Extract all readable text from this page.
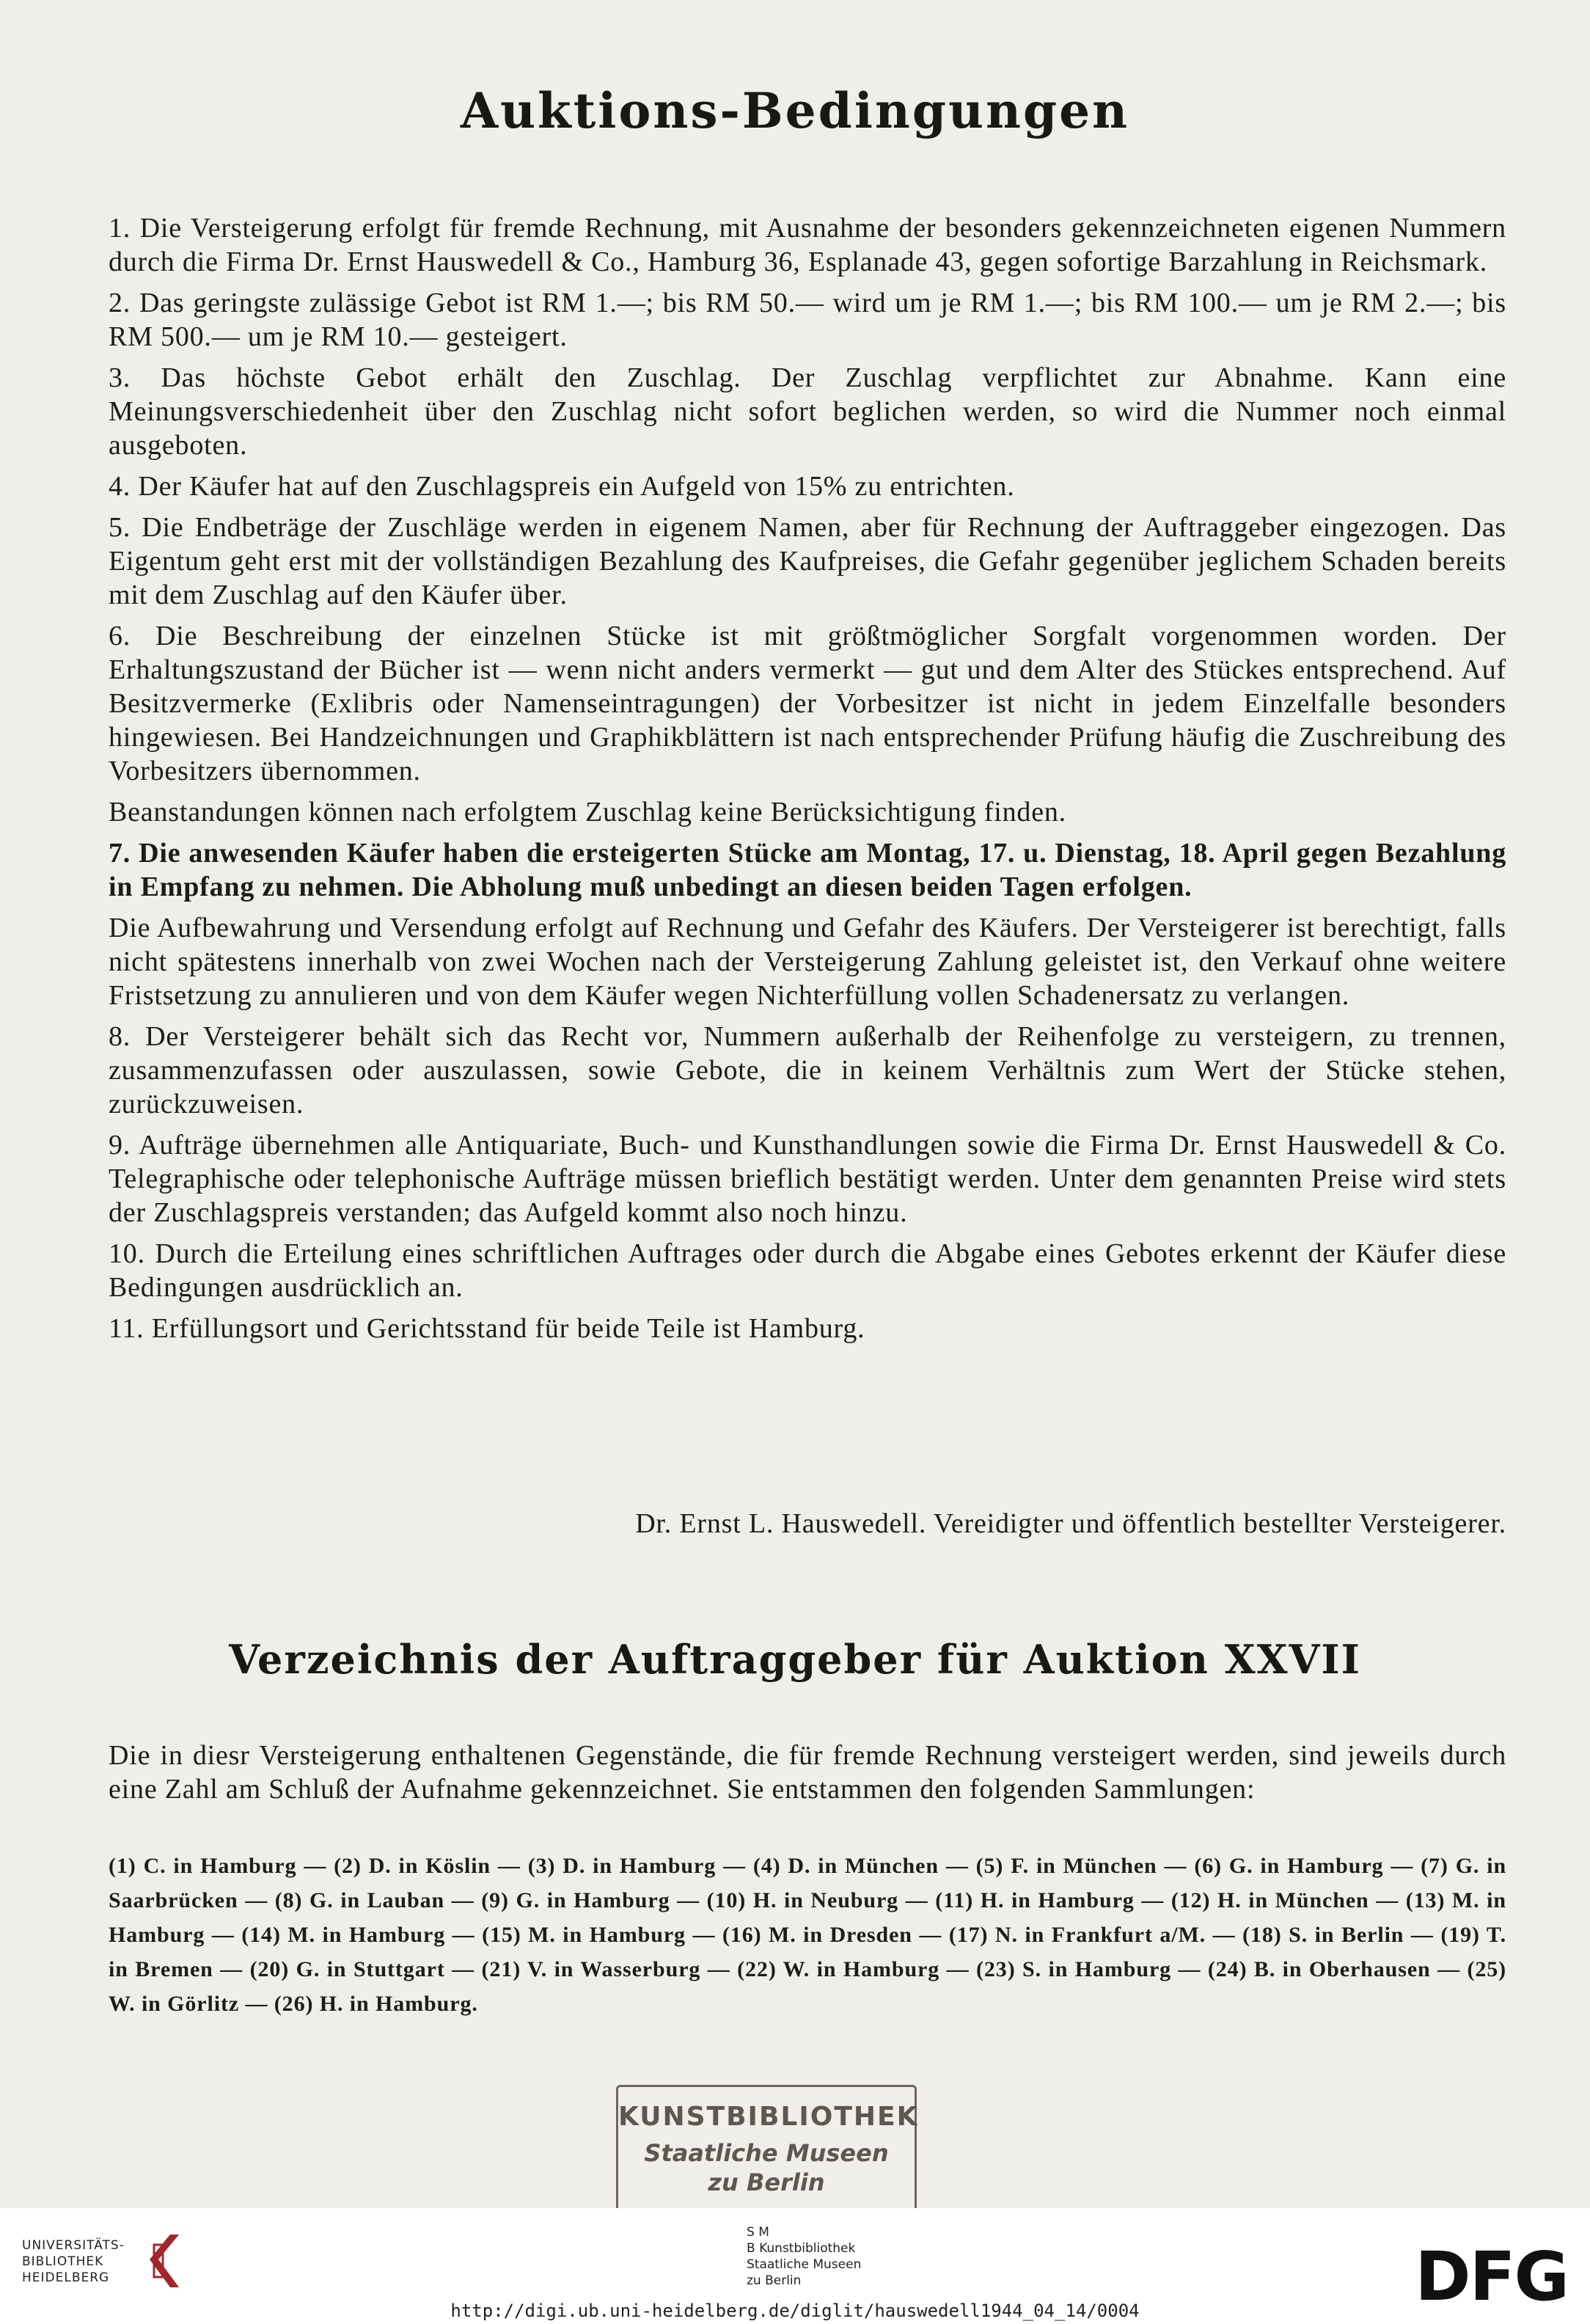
Auktions-Bedingungen

1. Die Versteigerung erfolgt für fremde Rechnung, mit Ausnahme der besonders gekennzeichneten eigenen Nummern durch die Firma Dr. Ernst Hauswedell & Co., Hamburg 36, Esplanade 43, gegen sofortige Barzahlung in Reichsmark.

2. Das geringste zulässige Gebot ist RM 1.—; bis RM 50.— wird um je RM 1.—; bis RM 100.— um je RM 2.—; bis RM 500.— um je RM 10.— gesteigert.

3. Das höchste Gebot erhält den Zuschlag. Der Zuschlag verpflichtet zur Abnahme. Kann eine Meinungsverschiedenheit über den Zuschlag nicht sofort beglichen werden, so wird die Nummer noch einmal ausgeboten.

4. Der Käufer hat auf den Zuschlagspreis ein Aufgeld von 15% zu entrichten.

5. Die Endbeträge der Zuschläge werden in eigenem Namen, aber für Rechnung der Auftraggeber eingezogen. Das Eigentum geht erst mit der vollständigen Bezahlung des Kaufpreises, die Gefahr gegenüber jeglichem Schaden bereits mit dem Zuschlag auf den Käufer über.

6. Die Beschreibung der einzelnen Stücke ist mit größtmöglicher Sorgfalt vorgenommen worden. Der Erhaltungszustand der Bücher ist — wenn nicht anders vermerkt — gut und dem Alter des Stückes entsprechend. Auf Besitzvermerke (Exlibris oder Namenseintragungen) der Vorbesitzer ist nicht in jedem Einzelfalle besonders hingewiesen. Bei Handzeichnungen und Graphikblättern ist nach entsprechender Prüfung häufig die Zuschreibung des Vorbesitzers übernommen.

Beanstandungen können nach erfolgtem Zuschlag keine Berücksichtigung finden.

7. Die anwesenden Käufer haben die ersteigerten Stücke am Montag, 17. u. Dienstag, 18. April gegen Bezahlung in Empfang zu nehmen. Die Abholung muß unbedingt an diesen beiden Tagen erfolgen.

Die Aufbewahrung und Versendung erfolgt auf Rechnung und Gefahr des Käufers. Der Versteigerer ist berechtigt, falls nicht spätestens innerhalb von zwei Wochen nach der Versteigerung Zahlung geleistet ist, den Verkauf ohne weitere Fristsetzung zu annulieren und von dem Käufer wegen Nichterfüllung vollen Schadenersatz zu verlangen.

8. Der Versteigerer behält sich das Recht vor, Nummern außerhalb der Reihenfolge zu versteigern, zu trennen, zusammenzufassen oder auszulassen, sowie Gebote, die in keinem Verhältnis zum Wert der Stücke stehen, zurückzuweisen.

9. Aufträge übernehmen alle Antiquariate, Buch- und Kunsthandlungen sowie die Firma Dr. Ernst Hauswedell & Co. Telegraphische oder telephonische Aufträge müssen brieflich bestätigt werden. Unter dem genannten Preise wird stets der Zuschlagspreis verstanden; das Aufgeld kommt also noch hinzu.

10. Durch die Erteilung eines schriftlichen Auftrages oder durch die Abgabe eines Gebotes erkennt der Käufer diese Bedingungen ausdrücklich an.

11. Erfüllungsort und Gerichtsstand für beide Teile ist Hamburg.

Dr. Ernst L. Hauswedell. Vereidigter und öffentlich bestellter Versteigerer.
Verzeichnis der Auftraggeber für Auktion XXVII
Die in diesr Versteigerung enthaltenen Gegenstände, die für fremde Rechnung versteigert werden, sind jeweils durch eine Zahl am Schluß der Aufnahme gekennzeichnet. Sie entstammen den folgenden Sammlungen:
(1) C. in Hamburg — (2) D. in Köslin — (3) D. in Hamburg — (4) D. in München — (5) F. in München — (6) G. in Hamburg — (7) G. in Saarbrücken — (8) G. in Lauban — (9) G. in Hamburg — (10) H. in Neuburg — (11) H. in Hamburg — (12) H. in München — (13) M. in Hamburg — (14) M. in Hamburg — (15) M. in Hamburg — (16) M. in Dresden — (17) N. in Frankfurt a/M. — (18) S. in Berlin — (19) T. in Bremen — (20) G. in Stuttgart — (21) V. in Wasserburg — (22) W. in Hamburg — (23) S. in Hamburg — (24) B. in Oberhausen — (25) W. in Görlitz — (26) H. in Hamburg.
KUNSTBIBLIOTHEK
Staatliche Museen
zu Berlin
UNIVERSITÄTS-
BIBLIOTHEK
HEIDELBERG
S M
B Kunstbibliothek
Staatliche Museen
zu Berlin	DFG
http://digi.ub.uni-heidelberg.de/diglit/hauswedell1944_04_14/0004
